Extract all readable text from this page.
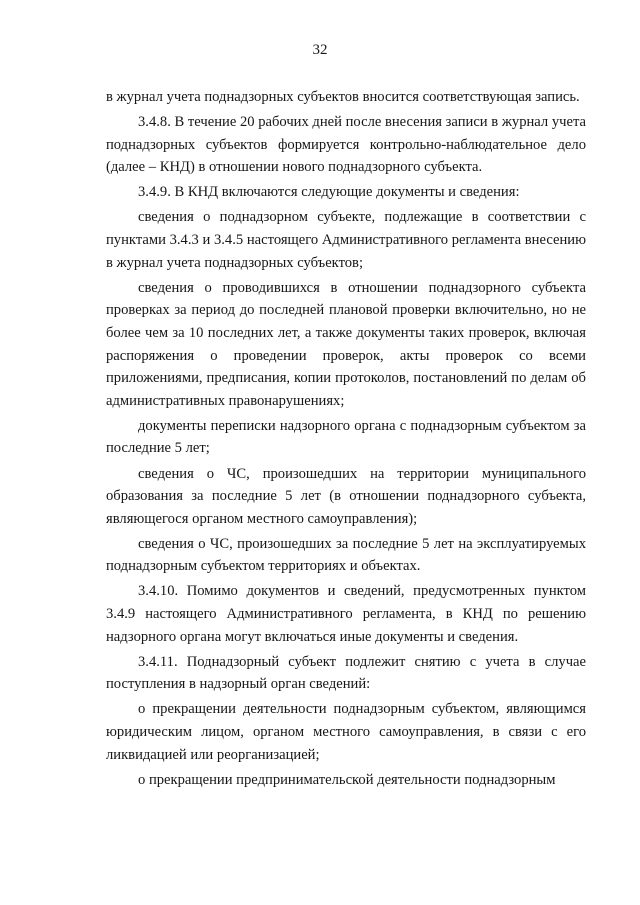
32

в журнал учета поднадзорных субъектов вносится соответствующая запись.

3.4.8. В течение 20 рабочих дней после внесения записи в журнал учета поднадзорных субъектов формируется контрольно-наблюдательное дело (далее – КНД) в отношении нового поднадзорного субъекта.

3.4.9. В КНД включаются следующие документы и сведения:

сведения о поднадзорном субъекте, подлежащие в соответствии с пунктами 3.4.3 и 3.4.5 настоящего Административного регламента внесению в журнал учета поднадзорных субъектов;

сведения о проводившихся в отношении поднадзорного субъекта проверках за период до последней плановой проверки включительно, но не более чем за 10 последних лет, а также документы таких проверок, включая распоряжения о проведении проверок, акты проверок со всеми приложениями, предписания, копии протоколов, постановлений по делам об административных правонарушениях;

документы переписки надзорного органа с поднадзорным субъектом за последние 5 лет;

сведения о ЧС, произошедших на территории муниципального образования за последние 5 лет (в отношении поднадзорного субъекта, являющегося органом местного самоуправления);

сведения о ЧС, произошедших за последние 5 лет на эксплуатируемых поднадзорным субъектом территориях и объектах.

3.4.10. Помимо документов и сведений, предусмотренных пунктом 3.4.9 настоящего Административного регламента, в КНД по решению надзорного органа могут включаться иные документы и сведения.

3.4.11. Поднадзорный субъект подлежит снятию с учета в случае поступления в надзорный орган сведений:

о прекращении деятельности поднадзорным субъектом, являющимся юридическим лицом, органом местного самоуправления, в связи с его ликвидацией или реорганизацией;

о прекращении предпринимательской деятельности поднадзорным
